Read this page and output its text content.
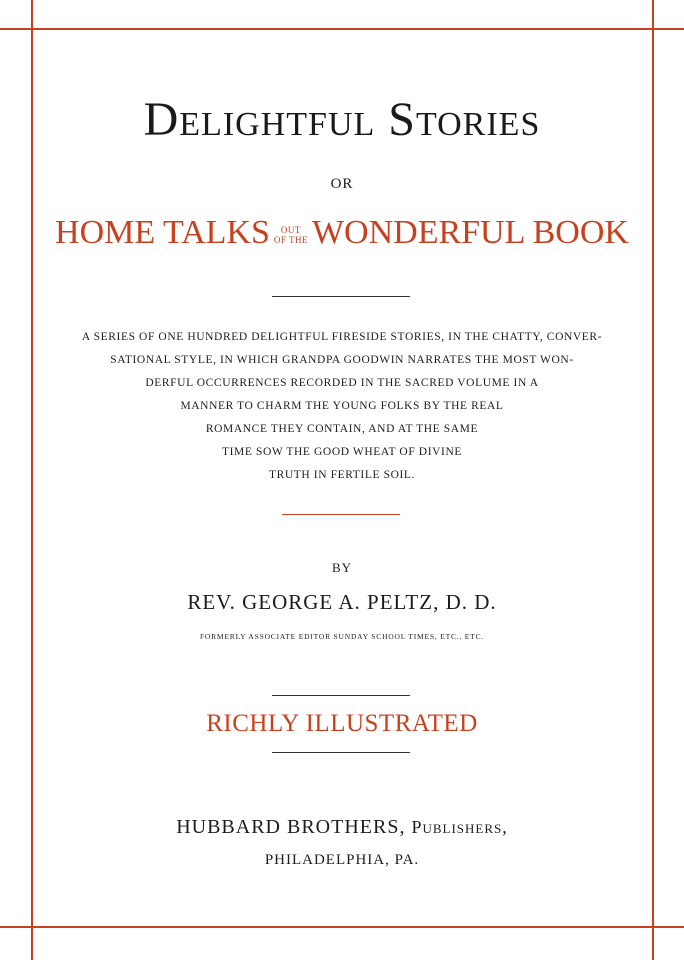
Delightful Stories
OR
HOME TALKS OUT
OF THE WONDERFUL BOOK
A SERIES OF ONE HUNDRED DELIGHTFUL FIRESIDE STORIES, IN THE CHATTY, CONVER-
SATIONAL STYLE, IN WHICH GRANDPA GOODWIN NARRATES THE MOST WON-
DERFUL OCCURRENCES RECORDED IN THE SACRED VOLUME IN A
MANNER TO CHARM THE YOUNG FOLKS BY THE REAL
ROMANCE THEY CONTAIN, AND AT THE SAME
TIME SOW THE GOOD WHEAT OF DIVINE
TRUTH IN FERTILE SOIL.
BY
REV. GEORGE A. PELTZ, D. D.
FORMERLY ASSOCIATE EDITOR SUNDAY SCHOOL TIMES, ETC., ETC.
RICHLY ILLUSTRATED
HUBBARD BROTHERS, Publishers,
PHILADELPHIA, PA.
